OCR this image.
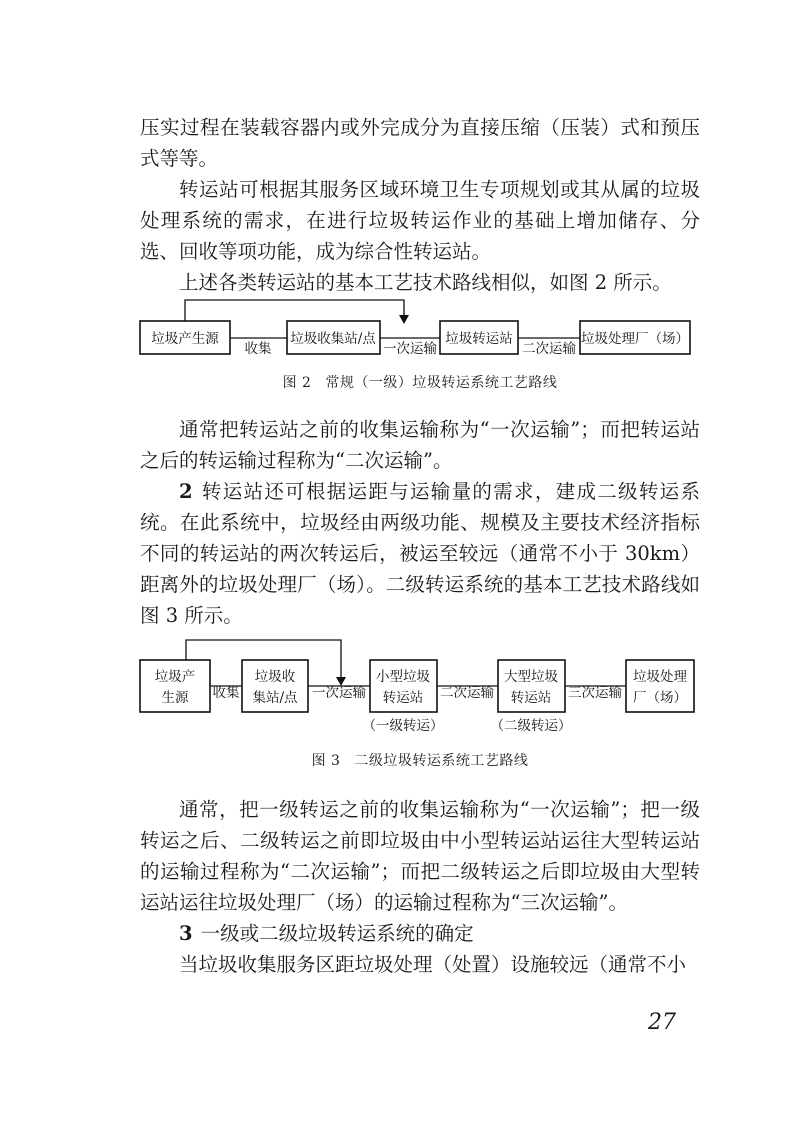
压实过程在装载容器内或外完成分为直接压缩（压装）式和预压式等等。

转运站可根据其服务区域环境卫生专项规划或其从属的垃圾处理系统的需求，在进行垃圾转运作业的基础上增加储存、分选、回收等项功能，成为综合性转运站。

上述各类转运站的基本工艺技术路线相似，如图 2 所示。

垃圾产生源
收集
垃圾收集站/点
一次运输
垃圾转运站
二次运输
垃圾处理厂（场）

图 2 常规（一级）垃圾转运系统工艺路线

通常把转运站之前的收集运输称为“一次运输”；而把转运站之后的转运输过程称为“二次运输”。

2 转运站还可根据运距与运输量的需求，建成二级转运系统。在此系统中，垃圾经由两级功能、规模及主要技术经济指标不同的转运站的两次转运后，被运至较远（通常不小于 30km）距离外的垃圾处理厂（场）。二级转运系统的基本工艺技术路线如图 3 所示。

垃圾产
生源 收集
垃圾收
集站/点 一次运输
小型垃圾
转运站 二次运输
大型垃圾
转运站 三次运输
垃圾处理
厂（场）
（一级转运）	（二级转运）

图 3 二级垃圾转运系统工艺路线

通常，把一级转运之前的收集运输称为“一次运输”；把一级转运之后、二级转运之前即垃圾由中小型转运站运往大型转运站的运输过程称为“二次运输”；而把二级转运之后即垃圾由大型转运站运往垃圾处理厂（场）的运输过程称为“三次运输”。

3 一级或二级垃圾转运系统的确定

当垃圾收集服务区距垃圾处理（处置）设施较远（通常不小

27
